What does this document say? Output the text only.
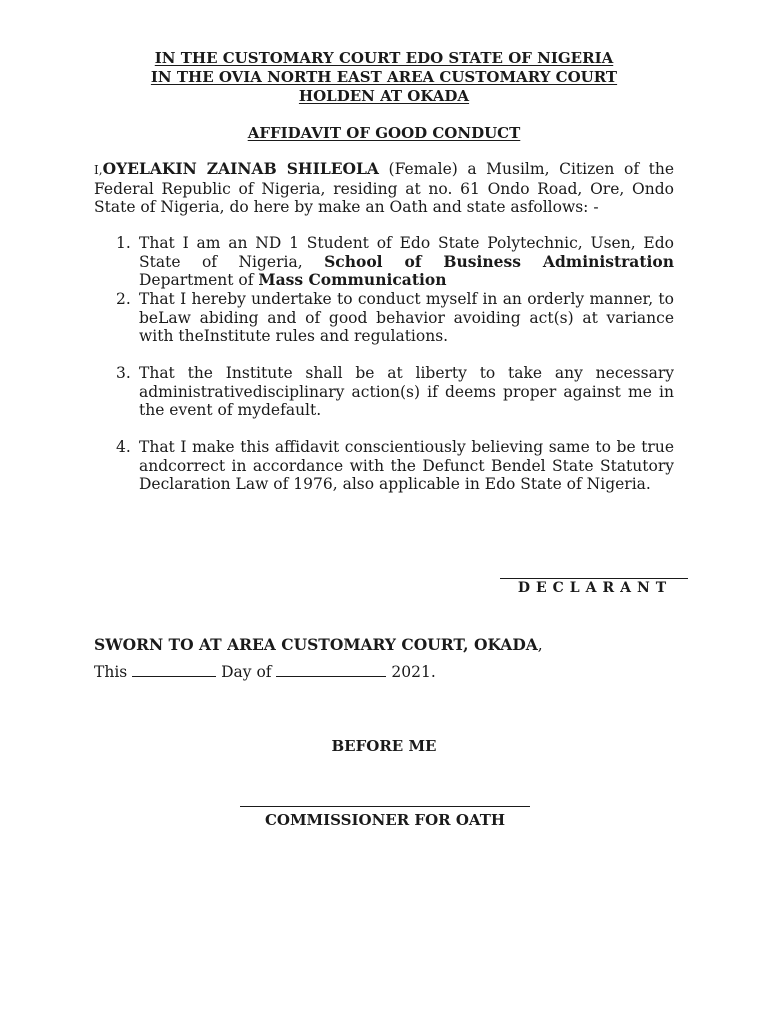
IN THE CUSTOMARY COURT EDO STATE OF NIGERIA
IN THE OVIA NORTH EAST AREA CUSTOMARY COURT
HOLDEN AT OKADA
AFFIDAVIT OF GOOD CONDUCT
I,OYELAKIN ZAINAB SHILEOLA (Female) a Musilm, Citizen of the Federal Republic of Nigeria, residing at no. 61 Ondo Road, Ore, Ondo State of Nigeria, do here by make an Oath and state asfollows: -
1. That I am an ND 1 Student of Edo State Polytechnic, Usen, Edo State of Nigeria, School of Business Administration Department of Mass Communication
2. That I hereby undertake to conduct myself in an orderly manner, to beLaw abiding and of good behavior avoiding act(s) at variance with theInstitute rules and regulations.
3. That the Institute shall be at liberty to take any necessary administrativedisciplinary action(s) if deems proper against me in the event of mydefault.
4. That I make this affidavit conscientiously believing same to be true andcorrect in accordance with the Defunct Bendel State Statutory Declaration Law of 1976, also applicable in Edo State of Nigeria.
DECLARANT
SWORN TO AT AREA CUSTOMARY COURT, OKADA,
This	Day of	2021.
BEFORE ME
COMMISSIONER FOR OATH
